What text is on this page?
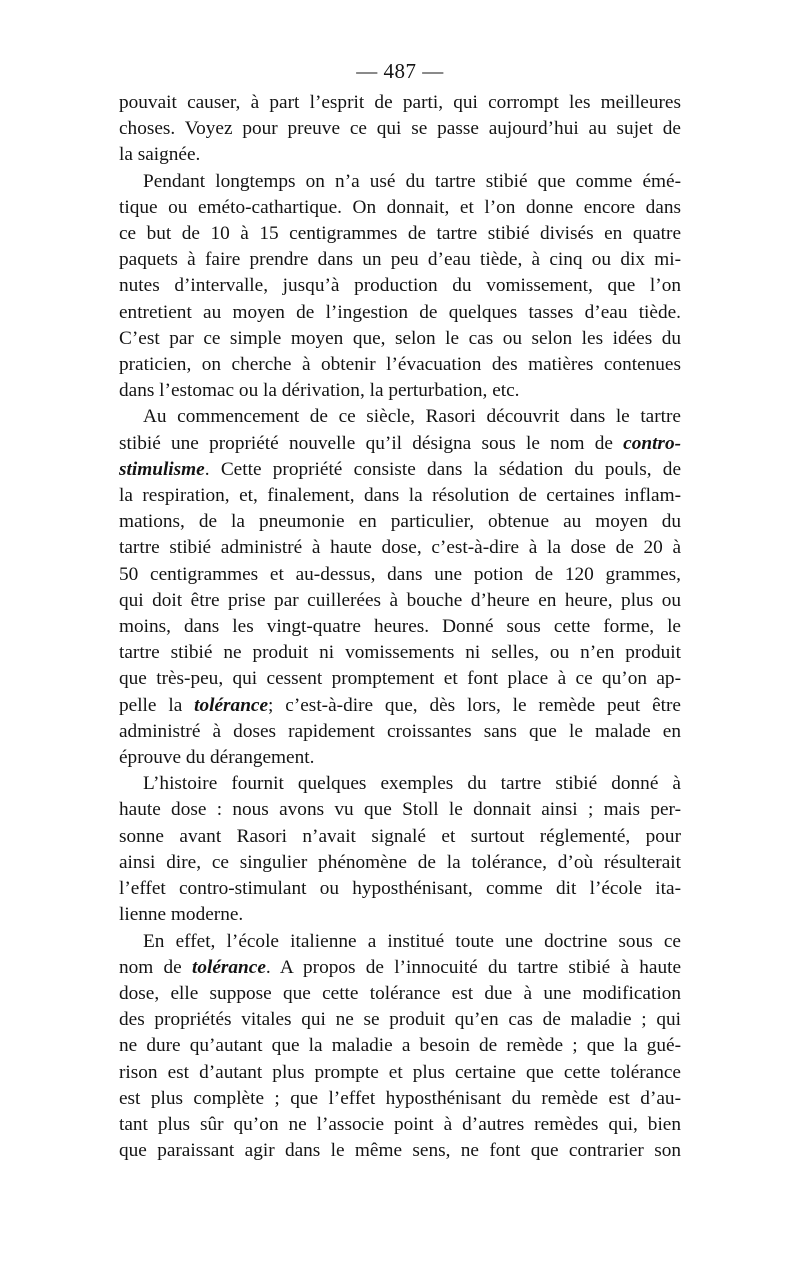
— 487 —
pouvait causer, à part l’esprit de parti, qui corrompt les meilleures
choses. Voyez pour preuve ce qui se passe aujourd’hui au sujet de
la saignée.
Pendant longtemps on n’a usé du tartre stibié que comme émé-
tique ou eméto-cathartique. On donnait, et l’on donne encore dans
ce but de 10 à 15 centigrammes de tartre stibié divisés en quatre
paquets à faire prendre dans un peu d’eau tiède, à cinq ou dix mi-
nutes d’intervalle, jusqu’à production du vomissement, que l’on
entretient au moyen de l’ingestion de quelques tasses d’eau tiède.
C’est par ce simple moyen que, selon le cas ou selon les idées du
praticien, on cherche à obtenir l’évacuation des matières contenues
dans l’estomac ou la dérivation, la perturbation, etc.
Au commencement de ce siècle, Rasori découvrit dans le tartre
stibié une propriété nouvelle qu’il désigna sous le nom de contro-
stimulisme. Cette propriété consiste dans la sédation du pouls, de
la respiration, et, finalement, dans la résolution de certaines inflam-
mations, de la pneumonie en particulier, obtenue au moyen du
tartre stibié administré à haute dose, c’est-à-dire à la dose de 20 à
50 centigrammes et au-dessus, dans une potion de 120 grammes,
qui doit être prise par cuillerées à bouche d’heure en heure, plus ou
moins, dans les vingt-quatre heures. Donné sous cette forme, le
tartre stibié ne produit ni vomissements ni selles, ou n’en produit
que très-peu, qui cessent promptement et font place à ce qu’on ap-
pelle la tolérance; c’est-à-dire que, dès lors, le remède peut être
administré à doses rapidement croissantes sans que le malade en
éprouve du dérangement.
L’histoire fournit quelques exemples du tartre stibié donné à
haute dose : nous avons vu que Stoll le donnait ainsi ; mais per-
sonne avant Rasori n’avait signalé et surtout réglementé, pour
ainsi dire, ce singulier phénomène de la tolérance, d’où résulterait
l’effet contro-stimulant ou hyposthénisant, comme dit l’école ita-
lienne moderne.
En effet, l’école italienne a institué toute une doctrine sous ce
nom de tolérance. A propos de l’innocuité du tartre stibié à haute
dose, elle suppose que cette tolérance est due à une modification
des propriétés vitales qui ne se produit qu’en cas de maladie ; qui
ne dure qu’autant que la maladie a besoin de remède ; que la gué-
rison est d’autant plus prompte et plus certaine que cette tolérance
est plus complète ; que l’effet hyposthénisant du remède est d’au-
tant plus sûr qu’on ne l’associe point à d’autres remèdes qui, bien
que paraissant agir dans le même sens, ne font que contrarier son
